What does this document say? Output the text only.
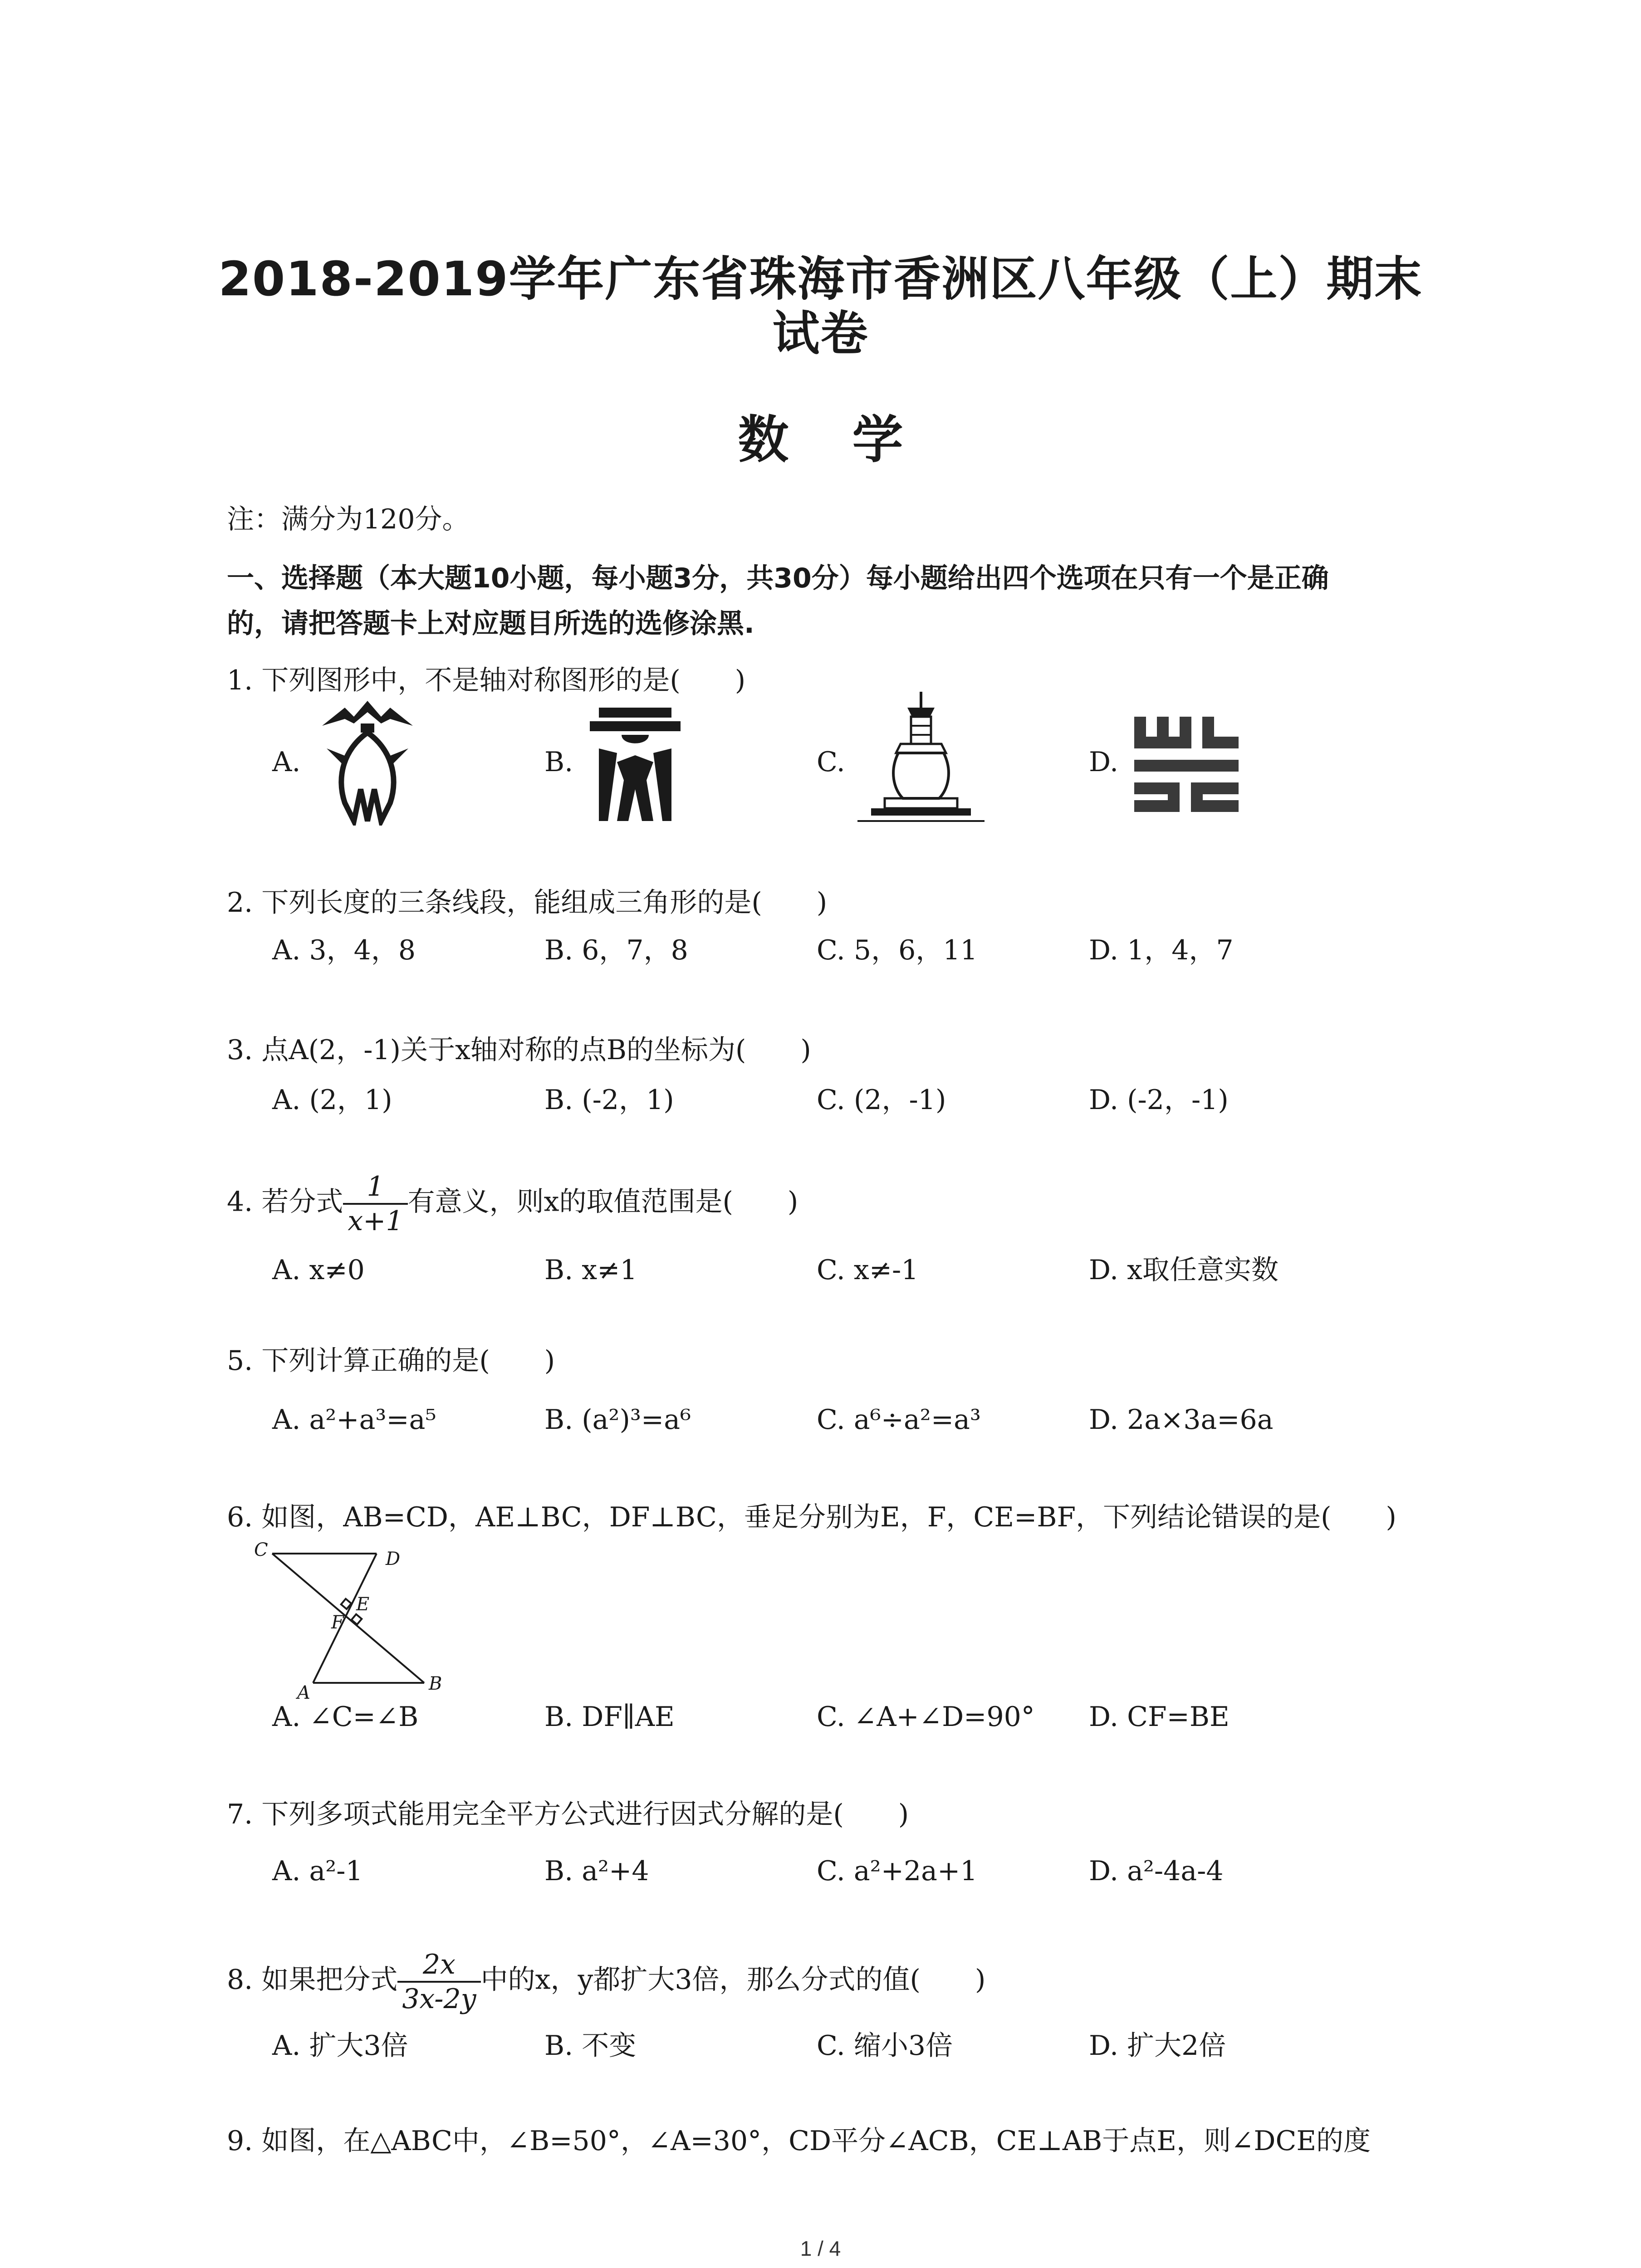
2018-2019学年广东省珠海市香洲区八年级（上）期末
试卷
数学
注：满分为120分。
一、选择题（本大题10小题，每小题3分，共30分）每小题给出四个选项在只有一个是正确
的，请把答题卡上对应题目所选的选修涂黑.
1. 下列图形中，不是轴对称图形的是(　　)
A.	B.	C.	D.
2. 下列长度的三条线段，能组成三角形的是(　　)
A. 3，4，8	B. 6，7，8	C. 5，6，11	D. 1，4，7
3. 点A(2，-1)关于x轴对称的点B的坐标为(　　)
A. (2，1)	B. (-2，1)	C. (2，-1)	D. (-2，-1)
4. 若分式 $\frac{1}{x+1}$ 有意义，则x的取值范围是(　　)
A. x≠0	B. x≠1	C. x≠-1	D. x取任意实数
5. 下列计算正确的是(　　)
A. a²+a³=a⁵	B. (a²)³=a⁶	C. a⁶÷a²=a³	D. 2a×3a=6a
6. 如图，AB=CD，AE⊥BC，DF⊥BC，垂足分别为E，F，CE=BF，下列结论错误的是(　　)
C	D
E
F
A	B
A. ∠C=∠B	B. DF∥AE	C. ∠A+∠D=90° D. CF=BE
7. 下列多项式能用完全平方公式进行因式分解的是(　　)
A. a²-1	B. a²+4	C. a²+2a+1	D. a²-4a-4
8. 如果把分式 $\frac{2x}{3x-2y}$ 中的x，y都扩大3倍，那么分式的值(　　)
A. 扩大3倍	B. 不变	C. 缩小3倍	D. 扩大2倍
9. 如图，在△ABC中，∠B=50°，∠A=30°，CD平分∠ACB，CE⊥AB于点E，则∠DCE的度
1 / 4
